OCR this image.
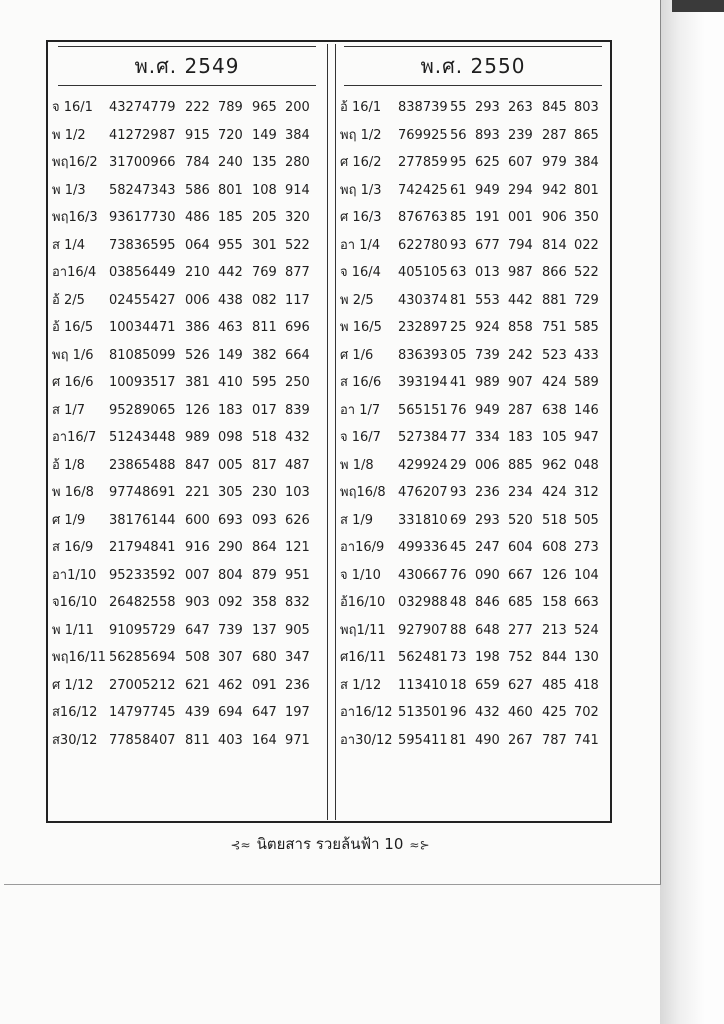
พ.ศ. 2549	พ.ศ. 2550
จ 16/1 432747 79 222 789 965 200
พ 1/2 412729 87 915 720 149 384
พฤ16/2 317009 66 784 240 135 280
พ 1/3 582473 43 586 801 108 914
พฤ16/3 936177 30 486 185 205 320
ส 1/4 738365 95 064 955 301 522
อา16/4 038564 49 210 442 769 877
อ้ 2/5 024554 27 006 438 082 117
อ้ 16/5 100344 71 386 463 811 696
พฤ 1/6 810850 99 526 149 382 664
ศ 16/6 100935 17 381 410 595 250
ส 1/7 952890 65 126 183 017 839
อา16/7 512434 48 989 098 518 432
อ้ 1/8 238654 88 847 005 817 487
พ 16/8 977486 91 221 305 230 103
ศ 1/9 381761 44 600 693 093 626
ส 16/9 217948 41 916 290 864 121
อา1/10 952335 92 007 804 879 951
จ16/10 264825 58 903 092 358 832
พ 1/11 910957 29 647 739 137 905
พฤ16/11 562856 94 508 307 680 347
ศ 1/12 270052 12 621 462 091 236
ส16/12 147977 45 439 694 647 197
ส30/12 778584 07 811 403 164 971
อ้ 16/1 838739 55 293 263 845 803
พฤ 1/2 769925 56 893 239 287 865
ศ 16/2 277859 95 625 607 979 384
พฤ 1/3 742425 61 949 294 942 801
ศ 16/3 876763 85 191 001 906 350
อา 1/4 622780 93 677 794 814 022
จ 16/4 405105 63 013 987 866 522
พ 2/5 430374 81 553 442 881 729
พ 16/5 232897 25 924 858 751 585
ศ 1/6 836393 05 739 242 523 433
ส 16/6 393194 41 989 907 424 589
อา 1/7 565151 76 949 287 638 146
จ 16/7 527384 77 334 183 105 947
พ 1/8 429924 29 006 885 962 048
พฤ16/8 476207 93 236 234 424 312
ส 1/9 331810 69 293 520 518 505
อา16/9 499336 45 247 604 608 273
จ 1/10 430667 76 090 667 126 104
อ้16/10 032988 48 846 685 158 663
พฤ1/11 927907 88 648 277 213 524
ศ16/11 562481 73 198 752 844 130
ส 1/12 113410 18 659 627 485 418
อา16/12 513501 96 432 460 425 702
อา30/12 595411 81 490 267 787 741
⊰≈ นิตยสาร รวยล้นฟ้า 10 ≈⊱
